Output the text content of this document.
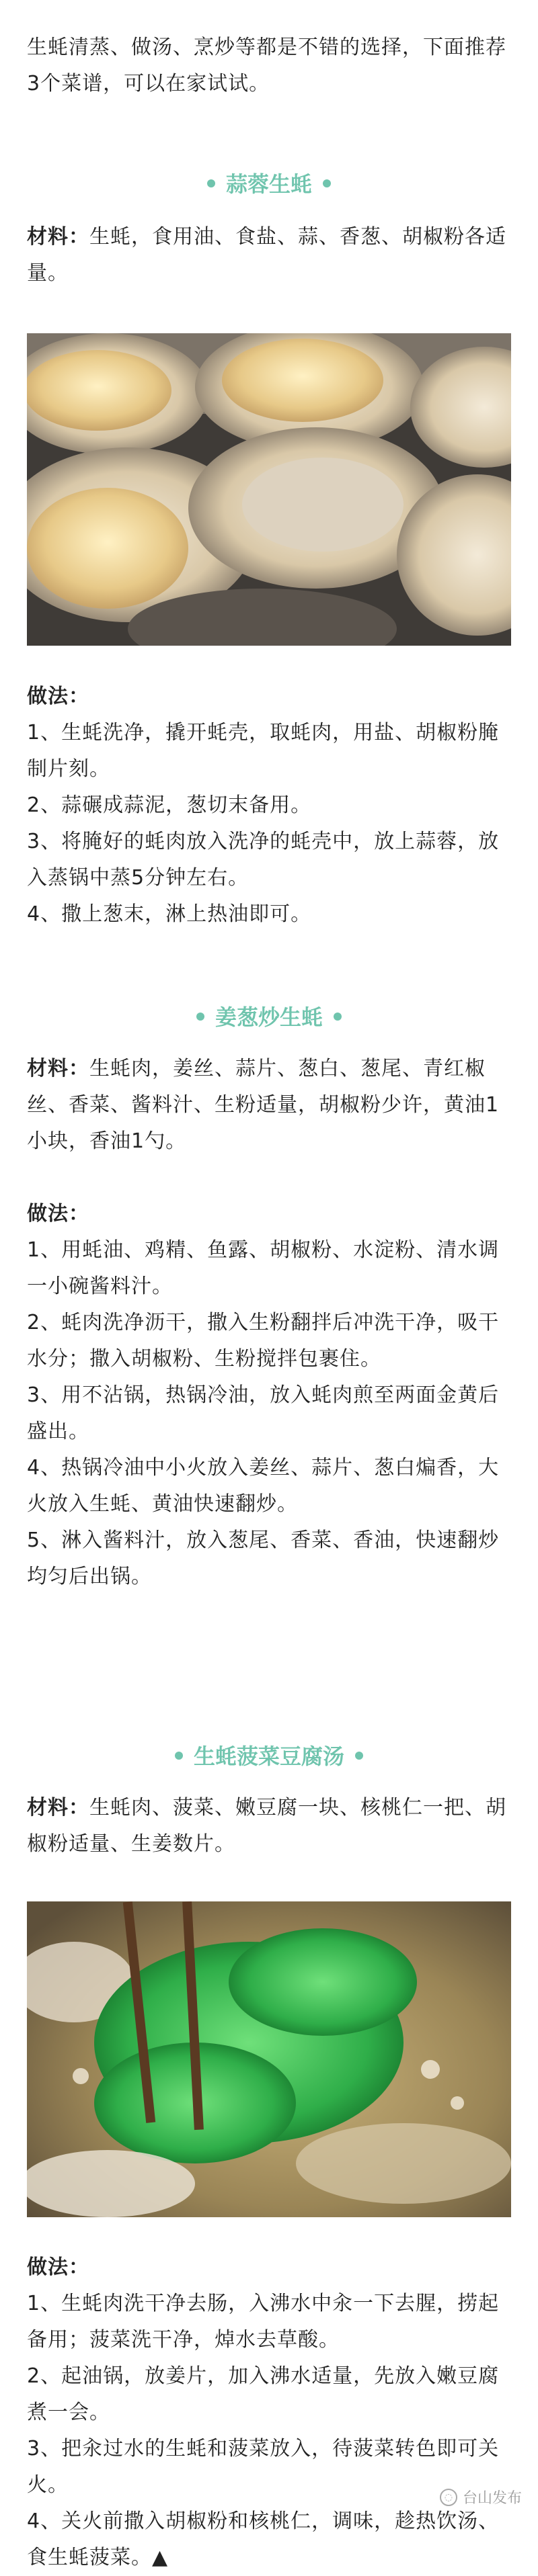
生蚝清蒸、做汤、烹炒等都是不错的选择，下面推荐3个菜谱，可以在家试试。

蒜蓉生蚝

材料：生蚝，食用油、食盐、蒜、香葱、胡椒粉各适量。

做法：

1、生蚝洗净，撬开蚝壳，取蚝肉，用盐、胡椒粉腌制片刻。
2、蒜碾成蒜泥，葱切末备用。
3、将腌好的蚝肉放入洗净的蚝壳中，放上蒜蓉，放入蒸锅中蒸5分钟左右。
4、撒上葱末，淋上热油即可。
姜葱炒生蚝

材料：生蚝肉，姜丝、蒜片、葱白、葱尾、青红椒丝、香菜、酱料汁、生粉适量，胡椒粉少许，黄油1小块，香油1勺。

做法：

1、用蚝油、鸡精、鱼露、胡椒粉、水淀粉、清水调一小碗酱料汁。
2、蚝肉洗净沥干，撒入生粉翻拌后冲洗干净，吸干水分；撒入胡椒粉、生粉搅拌包裹住。
3、用不沾锅，热锅冷油，放入蚝肉煎至两面金黄后盛出。
4、热锅冷油中小火放入姜丝、蒜片、葱白煸香，大火放入生蚝、黄油快速翻炒。
5、淋入酱料汁，放入葱尾、香菜、香油，快速翻炒均匀后出锅。
生蚝菠菜豆腐汤

材料：生蚝肉、菠菜、嫩豆腐一块、核桃仁一把、胡椒粉适量、生姜数片。

做法：

1、生蚝肉洗干净去肠，入沸水中汆一下去腥，捞起备用；菠菜洗干净，焯水去草酸。
2、起油锅，放姜片，加入沸水适量，先放入嫩豆腐煮一会。
3、把汆过水的生蚝和菠菜放入，待菠菜转色即可关火。
4、关火前撒入胡椒粉和核桃仁，调味，趁热饮汤、食生蚝菠菜。▲
◌ 台山发布
